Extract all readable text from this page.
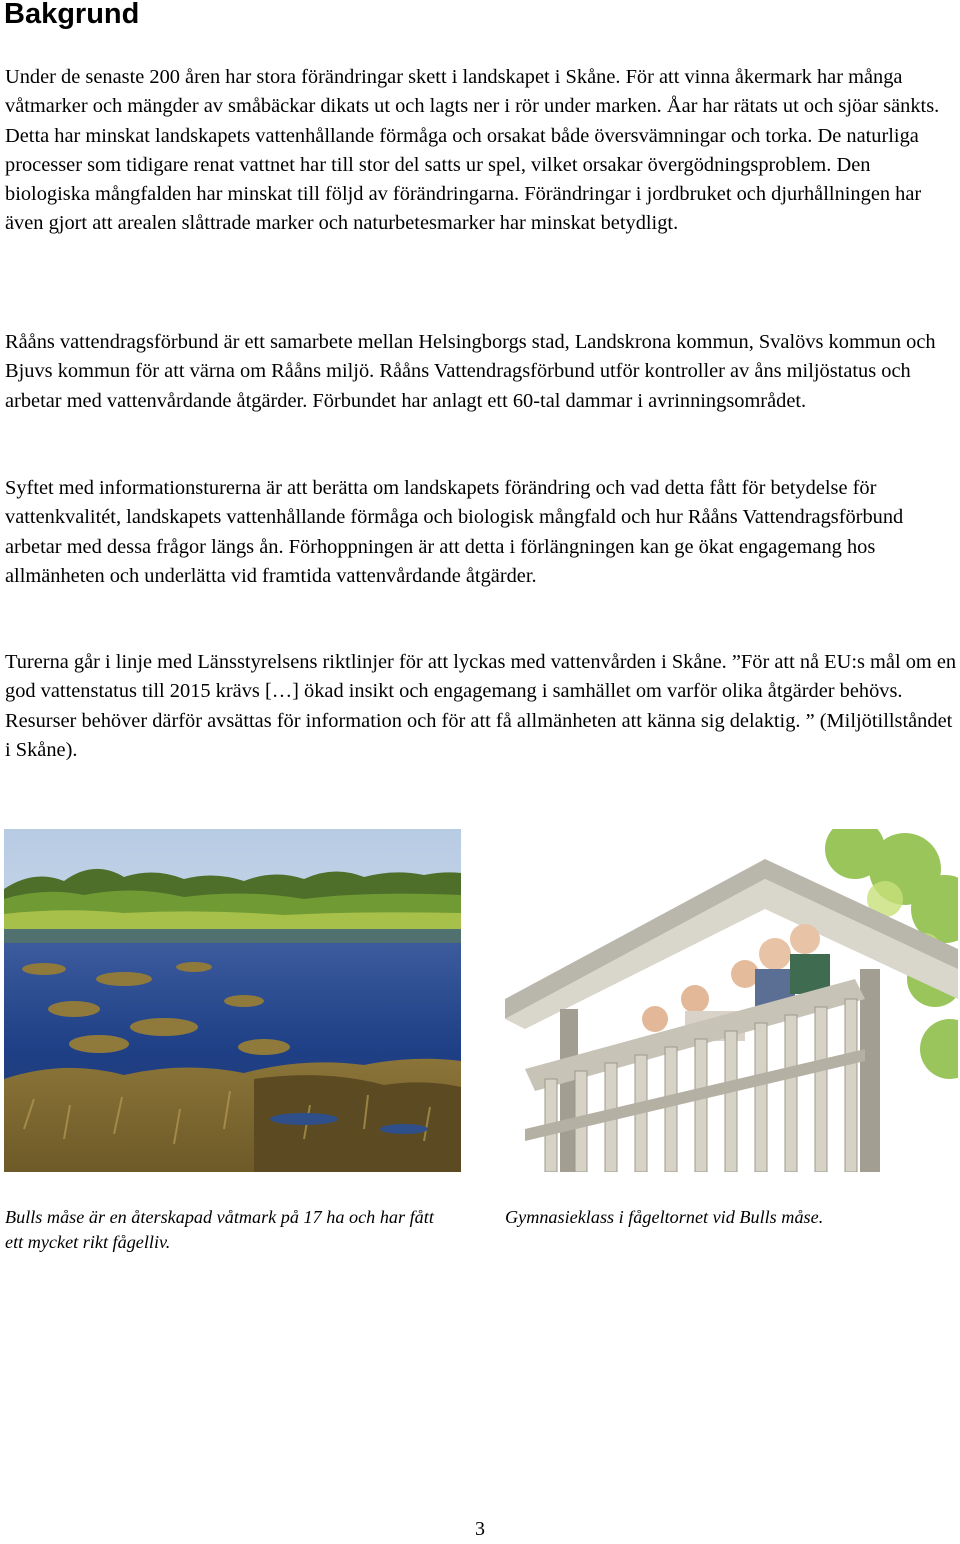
Bakgrund

Under de senaste 200 åren har stora förändringar skett i landskapet i Skåne. För att vinna åkermark har många våtmarker och mängder av småbäckar dikats ut och lagts ner i rör under marken. Åar har rätats ut och sjöar sänkts. Detta har minskat landskapets vattenhållande förmåga och orsakat både översvämningar och torka. De naturliga processer som tidigare renat vattnet har till stor del satts ur spel, vilket orsakar övergödningsproblem. Den biologiska mångfalden har minskat till följd av förändringarna. Förändringar i jordbruket och djurhållningen har även gjort att arealen slåttrade marker och naturbetesmarker har minskat betydligt.

Rååns vattendragsförbund är ett samarbete mellan Helsingborgs stad, Landskrona kommun, Svalövs kommun och Bjuvs kommun för att värna om Rååns miljö. Rååns Vattendragsförbund utför kontroller av åns miljöstatus och arbetar med vattenvårdande åtgärder. Förbundet har anlagt ett 60-tal dammar i avrinningsområdet.

Syftet med informationsturerna är att berätta om landskapets förändring och vad detta fått för betydelse för vattenkvalitét, landskapets vattenhållande förmåga och biologisk mångfald och hur Rååns Vattendragsförbund arbetar med dessa frågor längs ån. Förhoppningen är att detta i förlängningen kan ge ökat engagemang hos allmänheten och underlätta vid framtida vattenvårdande åtgärder.

Turerna går i linje med Länsstyrelsens riktlinjer för att lyckas med vattenvården i Skåne. ”För att nå EU:s mål om en god vattenstatus till 2015 krävs […] ökad insikt och engagemang i samhället om varför olika åtgärder behövs. Resurser behöver därför avsättas för information och för att få allmänheten att känna sig delaktig. ” (Miljötillståndet i Skåne).

Bulls måse är en återskapad våtmark på 17 ha och har fått ett mycket rikt fågelliv.

Gymnasieklass i fågeltornet vid Bulls måse.

3
